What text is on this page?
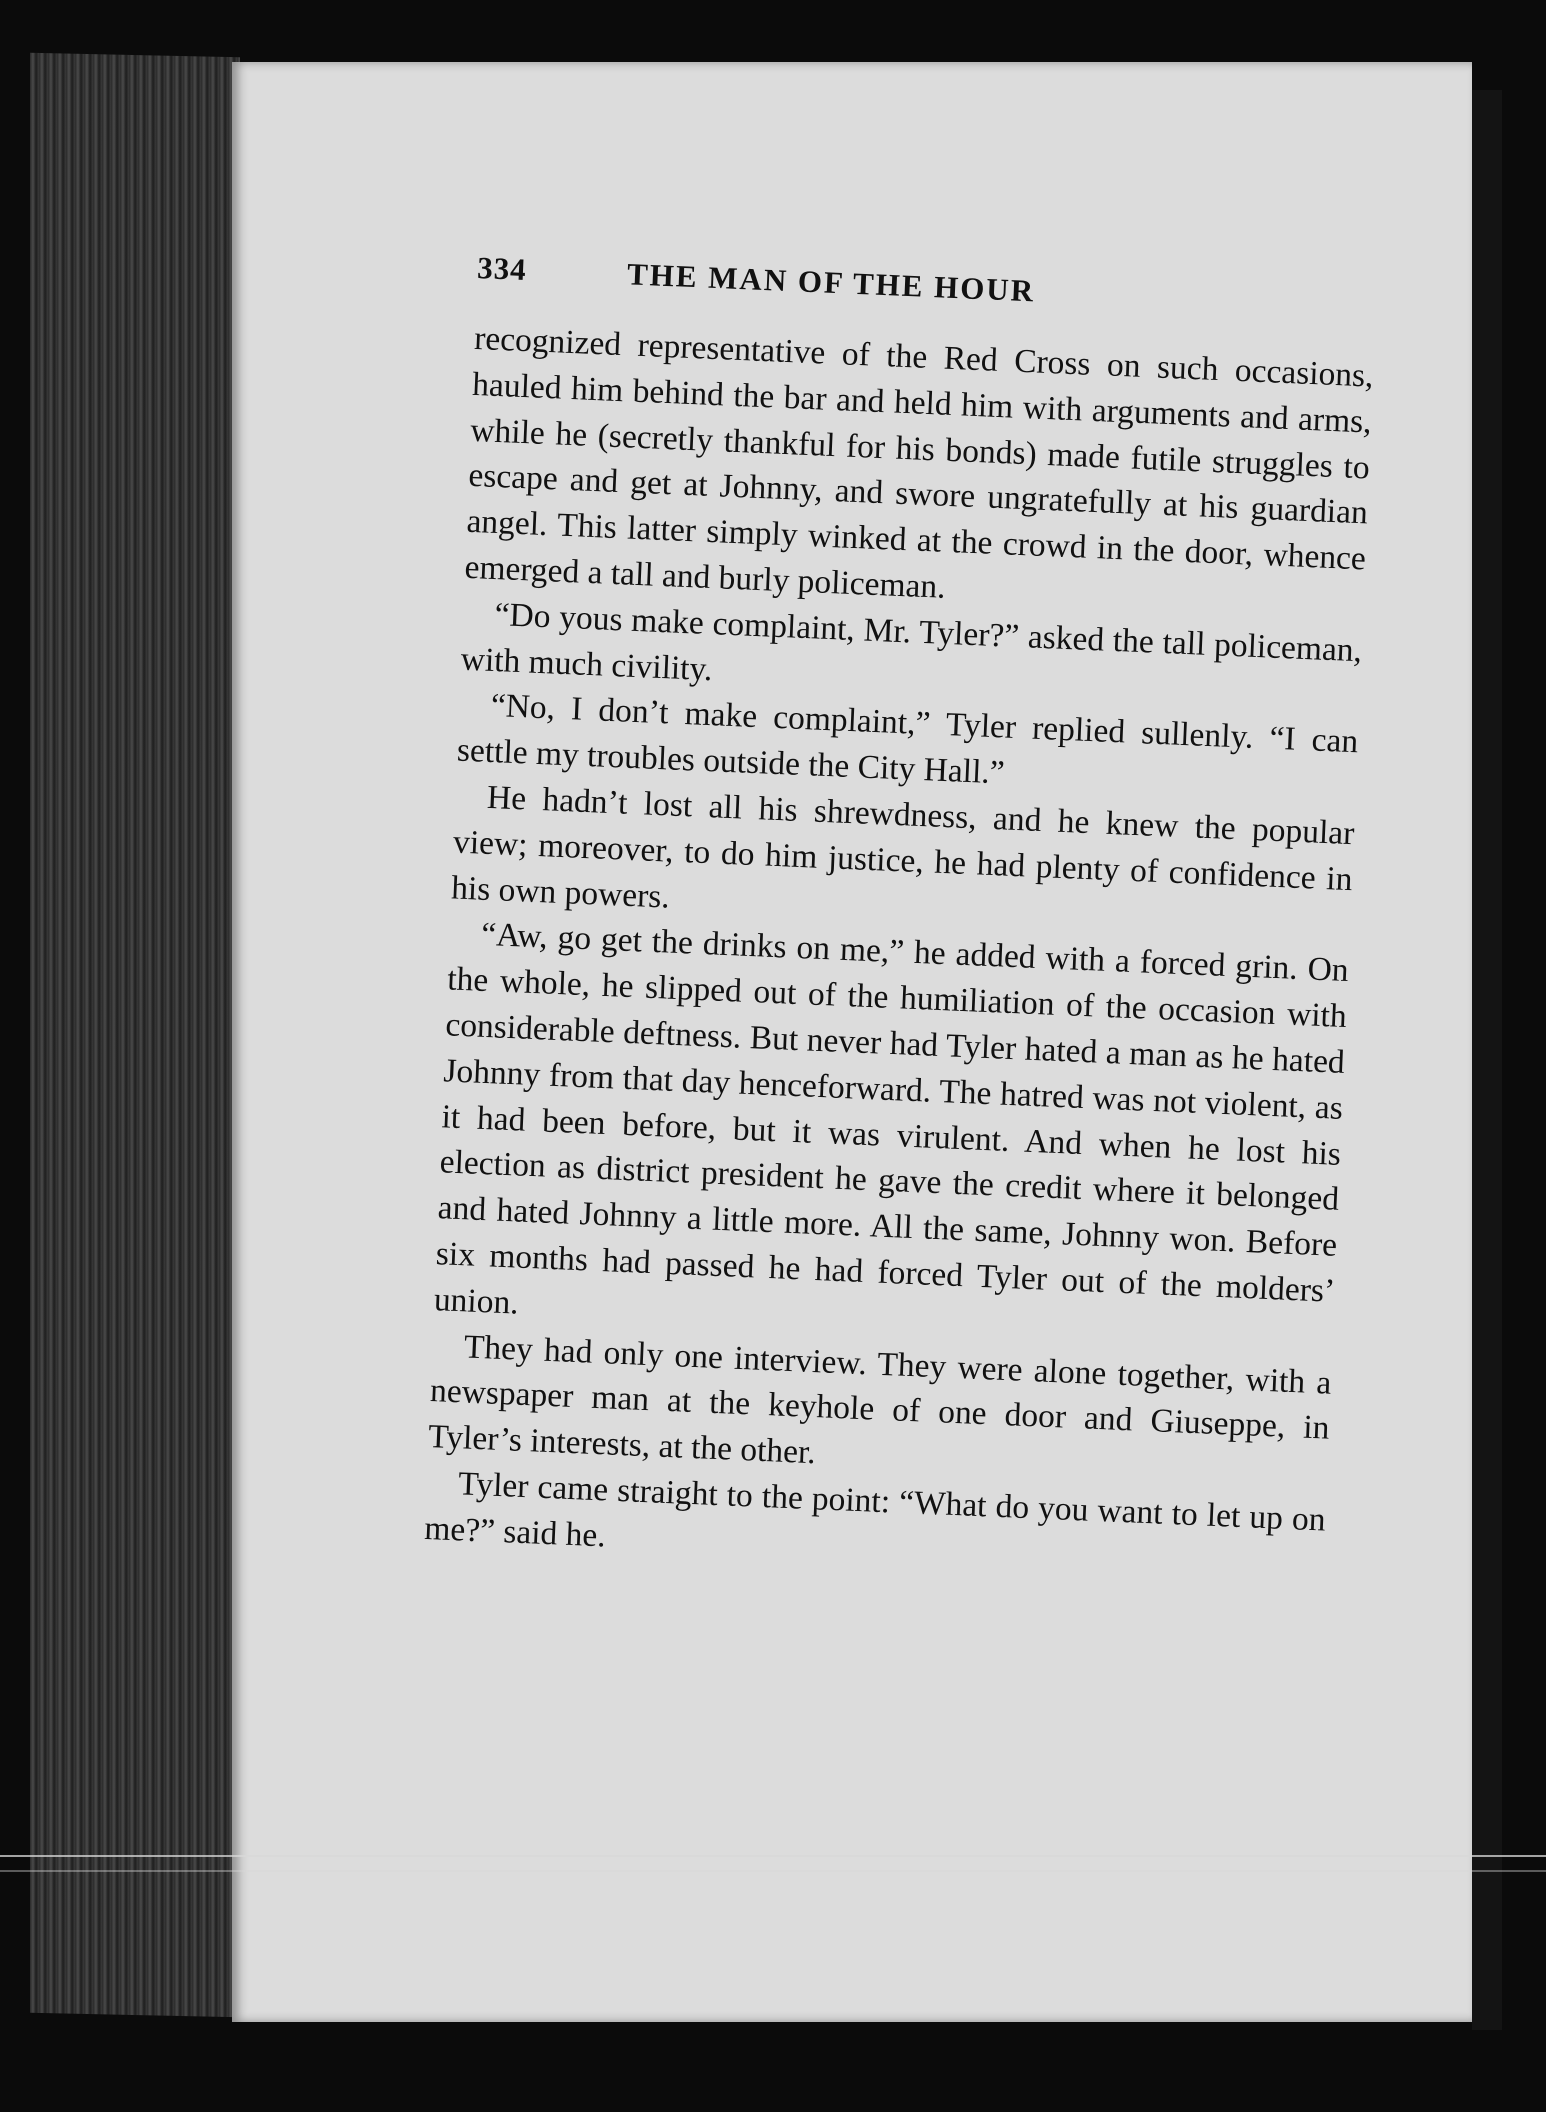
334	THE MAN OF THE HOUR

recognized representative of the Red Cross on such occasions, hauled him behind the bar and held him with arguments and arms, while he (secretly thankful for his bonds) made futile struggles to escape and get at Johnny, and swore ungratefully at his guardian angel. This latter simply winked at the crowd in the door, whence emerged a tall and burly policeman.

“Do yous make complaint, Mr. Tyler?” asked the tall policeman, with much civility.

“No, I don’t make complaint,” Tyler replied sullenly. “I can settle my troubles outside the City Hall.”

He hadn’t lost all his shrewdness, and he knew the popular view; moreover, to do him justice, he had plenty of confidence in his own powers.

“Aw, go get the drinks on me,” he added with a forced grin. On the whole, he slipped out of the humiliation of the occasion with considerable deftness. But never had Tyler hated a man as he hated Johnny from that day henceforward. The hatred was not violent, as it had been before, but it was virulent. And when he lost his election as district president he gave the credit where it belonged and hated Johnny a little more. All the same, Johnny won. Before six months had passed he had forced Tyler out of the molders’ union.

They had only one interview. They were alone together, with a newspaper man at the keyhole of one door and Giuseppe, in Tyler’s interests, at the other.

Tyler came straight to the point: “What do you want to let up on me?” said he.
